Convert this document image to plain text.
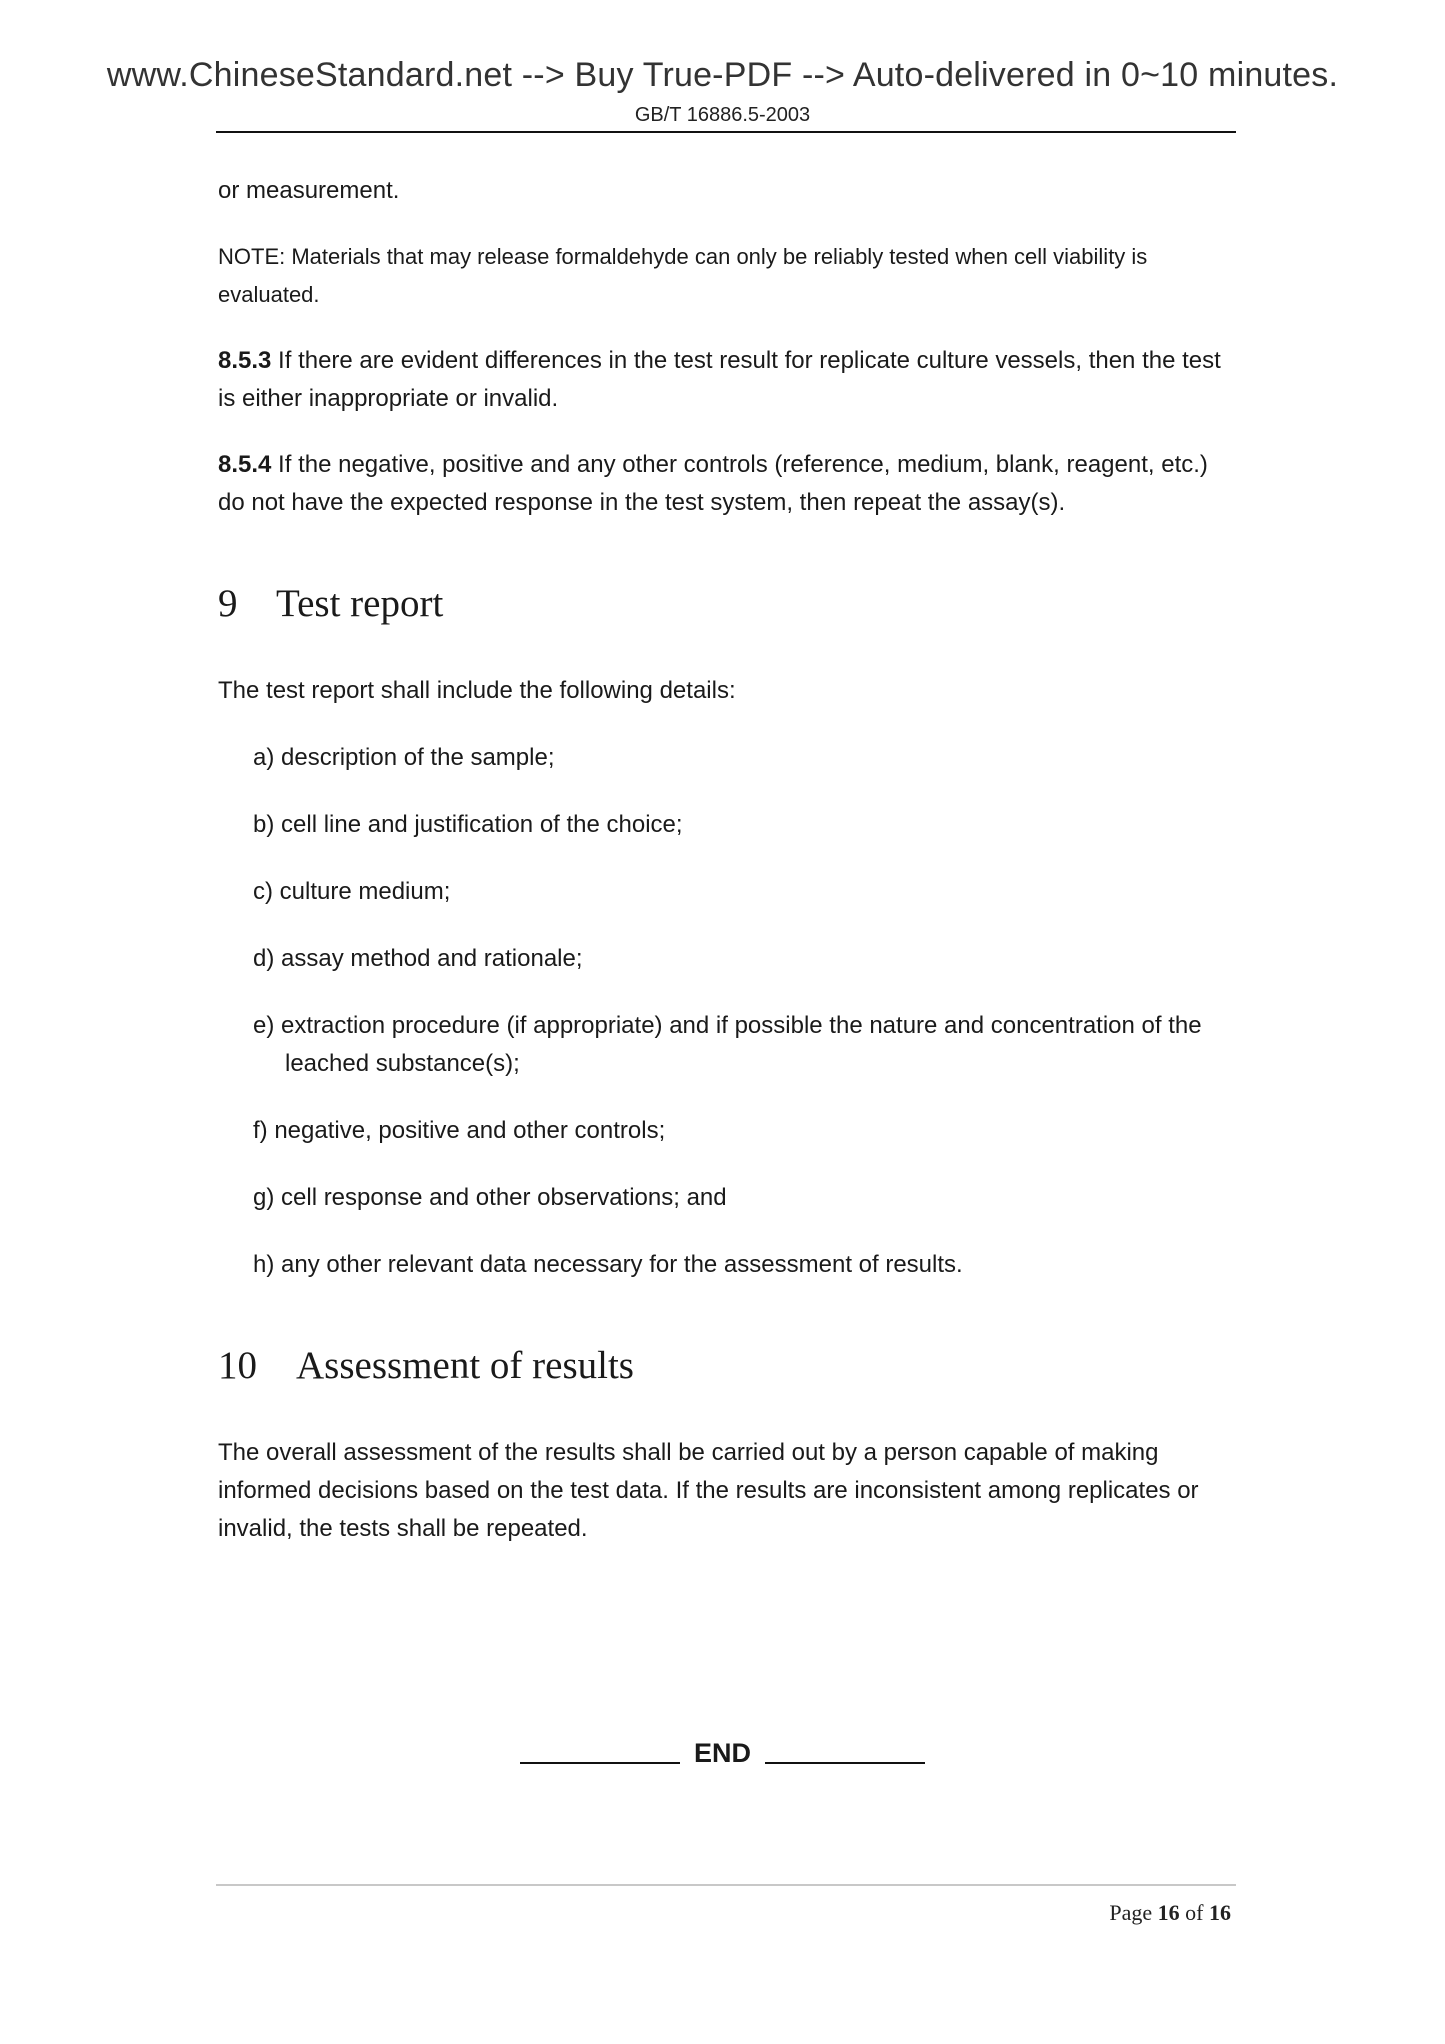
www.ChineseStandard.net --> Buy True-PDF --> Auto-delivered in 0~10 minutes.
GB/T 16886.5-2003

or measurement.

NOTE: Materials that may release formaldehyde can only be reliably tested when cell viability is evaluated.

8.5.3 If there are evident differences in the test result for replicate culture vessels, then the test is either inappropriate or invalid.

8.5.4 If the negative, positive and any other controls (reference, medium, blank, reagent, etc.) do not have the expected response in the test system, then repeat the assay(s).

9 Test report

The test report shall include the following details:

a) description of the sample;
b) cell line and justification of the choice;
c) culture medium;
d) assay method and rationale;
e) extraction procedure (if appropriate) and if possible the nature and concentration of the leached substance(s);
f) negative, positive and other controls;
g) cell response and other observations; and
h) any other relevant data necessary for the assessment of results.
10 Assessment of results

The overall assessment of the results shall be carried out by a person capable of making informed decisions based on the test data. If the results are inconsistent among replicates or invalid, the tests shall be repeated.

END
Page 16 of 16
